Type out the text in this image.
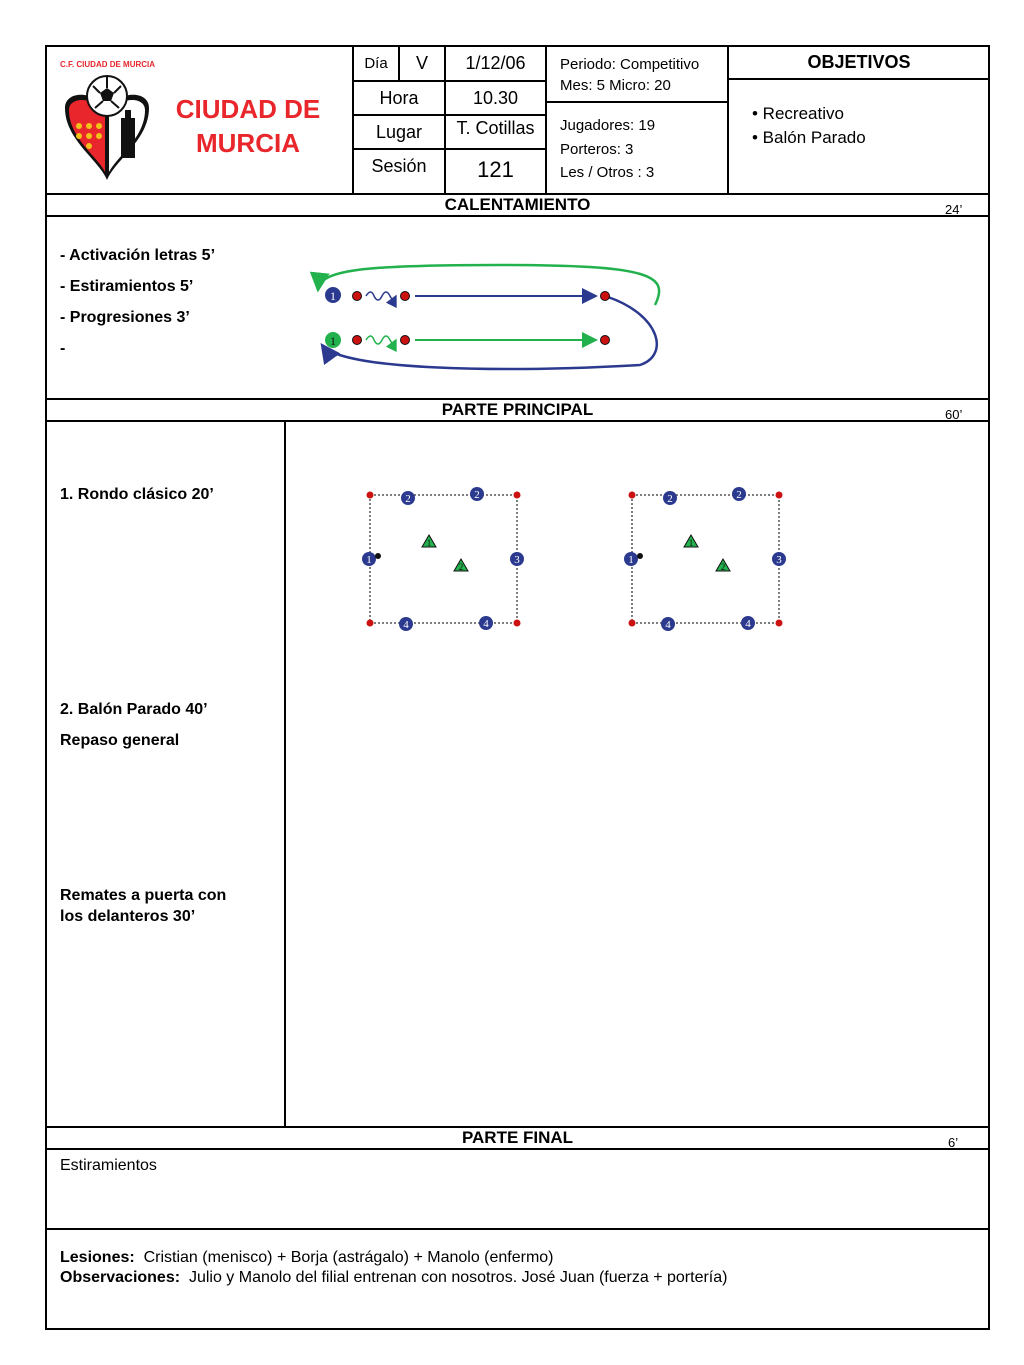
C.F. CIUDAD DE MURCIA
CIUDAD DE
MURCIA
Día	V	1/12/06
Hora	10.30
Lugar	T. Cotillas
Sesión	121
Periodo: Competitivo
Mes: 5 Micro: 20
Jugadores: 19
Porteros: 3
Les / Otros : 3
OBJETIVOS
• Recreativo
• Balón Parado
CALENTAMIENTO	24’
- Activación letras 5’
- Estiramientos 5’
- Progresiones 3’
-
1
1
PARTE PRINCIPAL	60’
1. Rondo clásico 20’
2. Balón Parado 40’
Repaso general
Remates a puerta con
los delanteros 30’
2	2
1	3
4	4
1
2
2	2
1	3
4	4
1
2
PARTE FINAL	6’
Estiramientos
Lesiones: Cristian (menisco) + Borja (astrágalo) + Manolo (enfermo)
Observaciones: Julio y Manolo del filial entrenan con nosotros. José Juan (fuerza + portería)
